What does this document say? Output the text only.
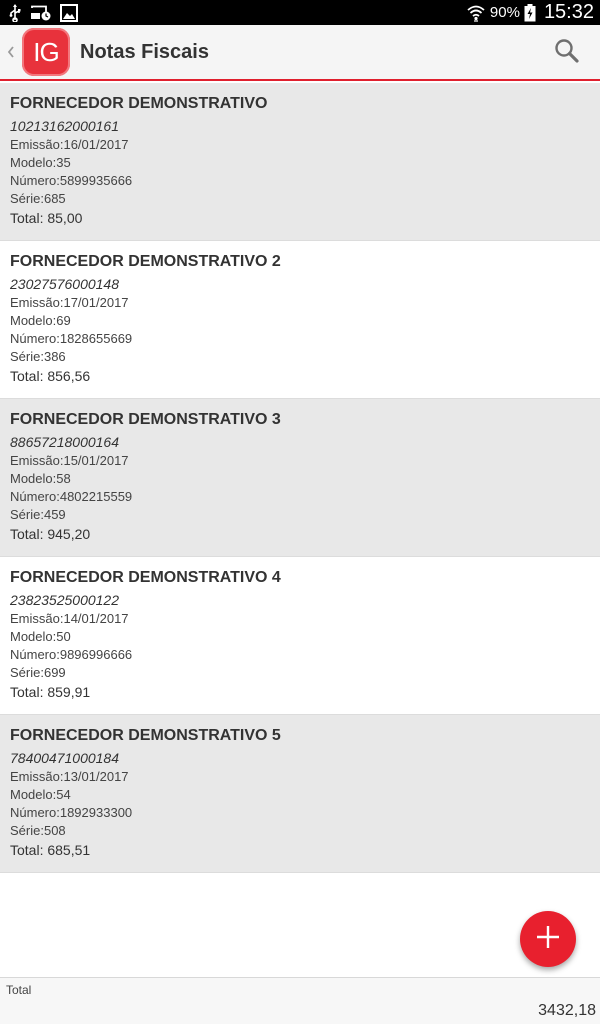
90% 15:32
IG Notas Fiscais
FORNECEDOR DEMONSTRATIVO
10213162000161
Emissão:16/01/2017
Modelo:35
Número:5899935666
Série:685
Total: 85,00
FORNECEDOR DEMONSTRATIVO 2
23027576000148
Emissão:17/01/2017
Modelo:69
Número:1828655669
Série:386
Total: 856,56
FORNECEDOR DEMONSTRATIVO 3
88657218000164
Emissão:15/01/2017
Modelo:58
Número:4802215559
Série:459
Total: 945,20
FORNECEDOR DEMONSTRATIVO 4
23823525000122
Emissão:14/01/2017
Modelo:50
Número:9896996666
Série:699
Total: 859,91
FORNECEDOR DEMONSTRATIVO 5
78400471000184
Emissão:13/01/2017
Modelo:54
Número:1892933300
Série:508
Total: 685,51
Total
3432,18
